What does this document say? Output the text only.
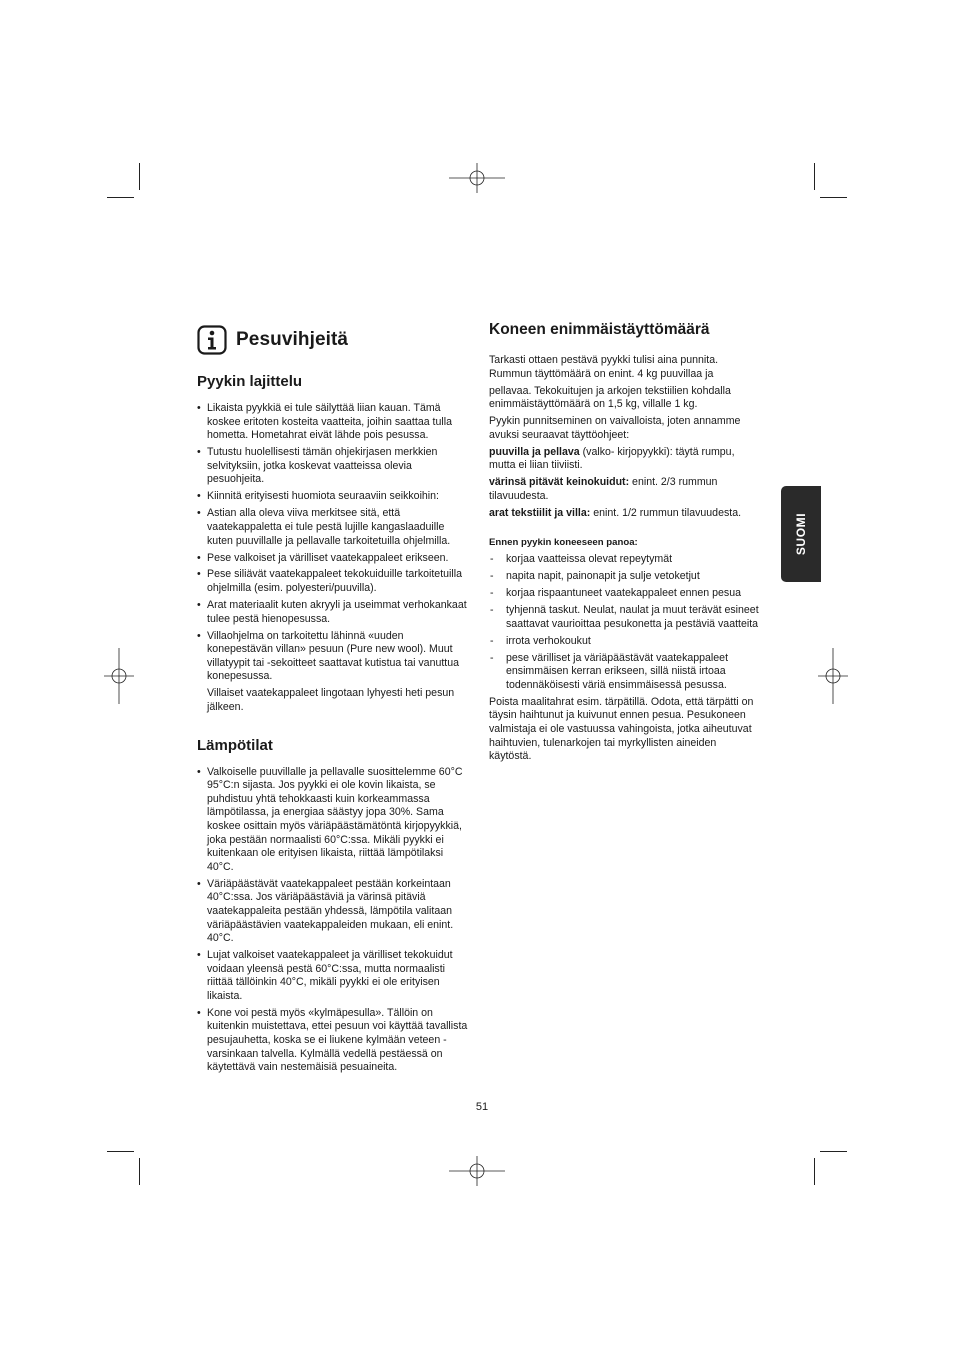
Pesuvihjeitä
Pyykin lajittelu
• Likaista pyykkiä ei tule säilyttää liian kauan. Tämä koskee eritoten kosteita vaatteita, joihin saattaa tulla hometta. Hometahrat eivät lähde pois pesussa.
• Tutustu huolellisesti tämän ohjekirjasen merkkien selvityksiin, jotka koskevat vaatteissa olevia pesuohjeita.
• Kiinnitä erityisesti huomiota seuraaviin seikkoihin:
• Astian alla oleva viiva merkitsee sitä, että vaatekappaletta ei tule pestä lujille kangaslaaduille kuten puuvillalle ja pellavalle tarkoitetuilla ohjelmilla.
• Pese valkoiset ja värilliset vaatekappaleet erikseen.
• Pese siliävät vaatekappaleet tekokuiduille tarkoitetuilla ohjelmilla (esim. polyesteri/puuvilla).
• Arat materiaalit kuten akryyli ja useimmat verhokankaat tulee pestä hienopesussa.
• Villaohjelma on tarkoitettu lähinnä «uuden konepestävän villan» pesuun (Pure new wool). Muut villatyypit tai -sekoitteet saattavat kutistua tai vanuttua konepesussa.

Villaiset vaatekappaleet lingotaan lyhyesti heti pesun jälkeen.

Lämpötilat
• Valkoiselle puuvillalle ja pellavalle suosittelemme 60°C 95°C:n sijasta. Jos pyykki ei ole kovin likaista, se puhdistuu yhtä tehokkaasti kuin korkeammassa lämpötilassa, ja energiaa säästyy jopa 30%. Sama koskee osittain myös väriäpäästämätöntä kirjopyykkiä, joka pestään normaalisti 60°C:ssa. Mikäli pyykki ei kuitenkaan ole erityisen likaista, riittää lämpötilaksi 40°C.
• Väriäpäästävät vaatekappaleet pestään korkeintaan 40°C:ssa. Jos väriäpäästäviä ja värinsä pitäviä vaatekappaleita pestään yhdessä, lämpötila valitaan väriäpäästävien vaatekappaleiden mukaan, eli enint. 40°C.
• Lujat valkoiset vaatekappaleet ja värilliset tekokuidut voidaan yleensä pestä 60°C:ssa, mutta normaalisti riittää tällöinkin 40°C, mikäli pyykki ei ole erityisen likaista.
• Kone voi pestä myös «kylmäpesulla». Tällöin on kuitenkin muistettava, ettei pesuun voi käyttää tavallista pesujauhetta, koska se ei liukene kylmään veteen - varsinkaan talvella. Kylmällä vedellä pestäessä on käytettävä vain nestemäisiä pesuaineita.
Koneen enimmäistäyttömäärä

Tarkasti ottaen pestävä pyykki tulisi aina punnita. Rummun täyttömäärä on enint. 4 kg puuvillaa ja

pellavaa. Tekokuitujen ja arkojen tekstiilien kohdalla enimmäistäyttömäärä on 1,5 kg, villalle 1 kg.

Pyykin punnitseminen on vaivalloista, joten annamme avuksi seuraavat täyttöohjeet:

puuvilla ja pellava (valko- kirjopyykki): täytä rumpu, mutta ei liian tiiviisti.

värinsä pitävät keinokuidut: enint. 2/3 rummun tilavuudesta.

arat tekstiilit ja villa: enint. 1/2 rummun tilavuudesta.

Ennen pyykin koneeseen panoa:
- korjaa vaatteissa olevat repeytymät
- napita napit, painonapit ja sulje vetoketjut
- korjaa rispaantuneet vaatekappaleet ennen pesua
- tyhjennä taskut. Neulat, naulat ja muut terävät esineet saattavat vaurioittaa pesukonetta ja pestäviä vaatteita
- irrota verhokoukut
- pese värilliset ja väriäpäästävät vaatekappaleet ensimmäisen kerran erikseen, sillä niistä irtoaa todennäköisesti väriä ensimmäisessä pesussa.

Poista maalitahrat esim. tärpätillä. Odota, että tärpätti on täysin haihtunut ja kuivunut ennen pesua. Pesukoneen valmistaja ei ole vastuussa vahingoista, jotka aiheutuvat haihtuvien, tulenarkojen tai myrkyllisten aineiden käytöstä.

SUOMI
51
